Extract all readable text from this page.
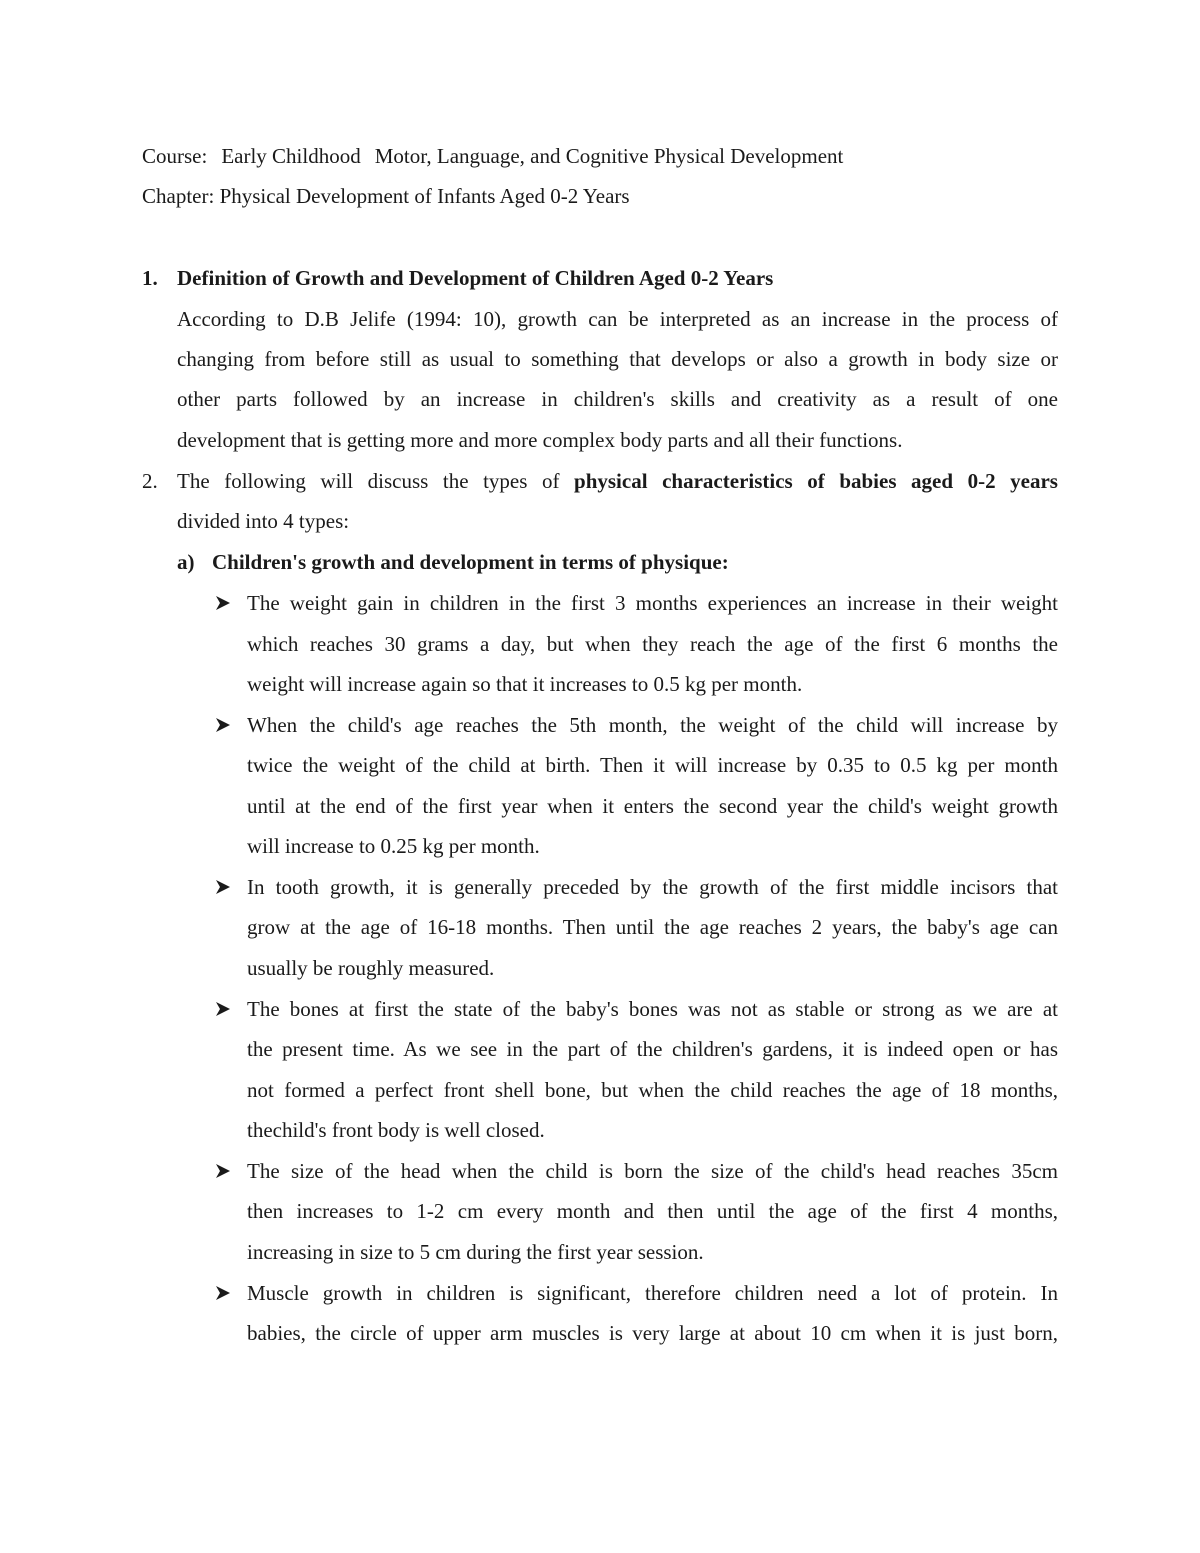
Course: Early Childhood Motor, Language, and Cognitive Physical Development
Chapter: Physical Development of Infants Aged 0-2 Years
1. Definition of Growth and Development of Children Aged 0-2 Years
According to D.B Jelife (1994: 10), growth can be interpreted as an increase in the process of
changing from before still as usual to something that develops or also a growth in body size or
other parts followed by an increase in children's skills and creativity as a result of one
development that is getting more and more complex body parts and all their functions.
2. The following will discuss the types of physical characteristics of babies aged 0-2 years
divided into 4 types:
a) Children's growth and development in terms of physique:
The weight gain in children in the first 3 months experiences an increase in their weight
which reaches 30 grams a day, but when they reach the age of the first 6 months the
weight will increase again so that it increases to 0.5 kg per month.
When the child's age reaches the 5th month, the weight of the child will increase by
twice the weight of the child at birth. Then it will increase by 0.35 to 0.5 kg per month
until at the end of the first year when it enters the second year the child's weight growth
will increase to 0.25 kg per month.
In tooth growth, it is generally preceded by the growth of the first middle incisors that
grow at the age of 16-18 months. Then until the age reaches 2 years, the baby's age can
usually be roughly measured.
The bones at first the state of the baby's bones was not as stable or strong as we are at
the present time. As we see in the part of the children's gardens, it is indeed open or has
not formed a perfect front shell bone, but when the child reaches the age of 18 months,
thechild's front body is well closed.
The size of the head when the child is born the size of the child's head reaches 35cm
then increases to 1-2 cm every month and then until the age of the first 4 months,
increasing in size to 5 cm during the first year session.
Muscle growth in children is significant, therefore children need a lot of protein. In
babies, the circle of upper arm muscles is very large at about 10 cm when it is just born,
